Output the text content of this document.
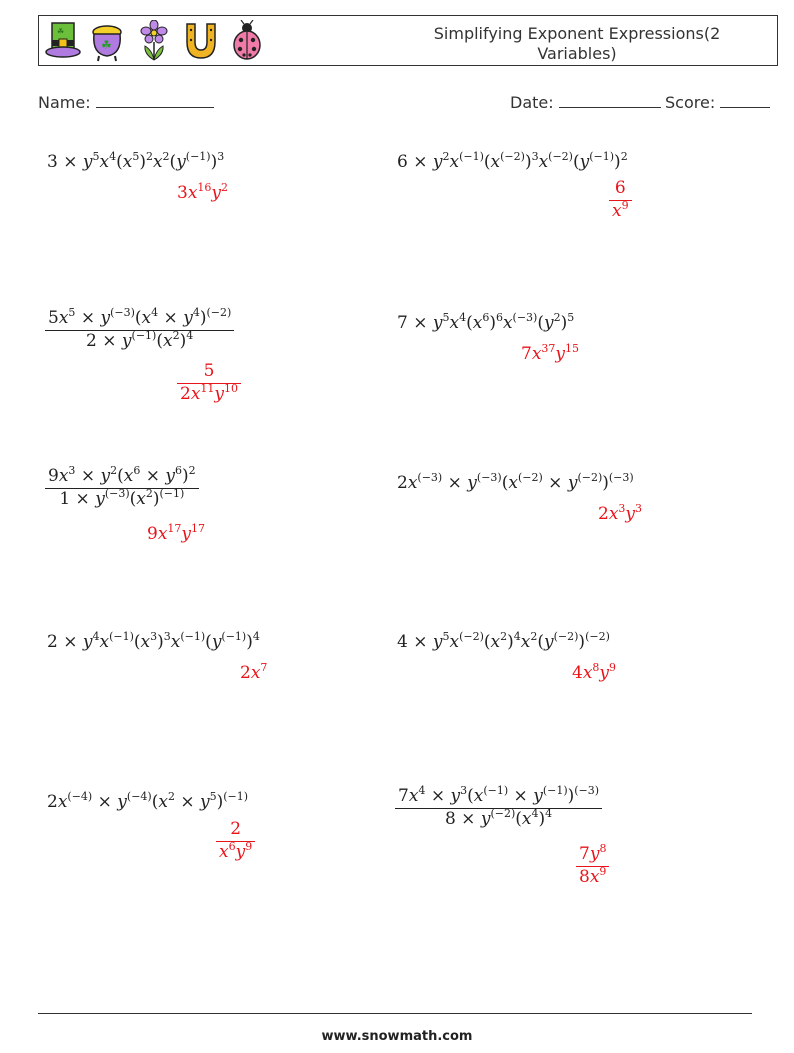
☘
☘
Simplifying Exponent Expressions(2 Variables)
Name:	Date:	Score:
$3 \times y^5x^4(x^5)^2x^2(y^{(-1)})^3$
$3x^{16}y^2$
$6 \times y^2x^{(-1)}(x^{(-2)})^3x^{(-2)}(y^{(-1)})^2$
$\frac{6}{x^9}$
$\frac{5x^5 \times y^{(-3)}(x^4 \times y^4)^{(-2)}}{2 \times y^{(-1)}(x^2)^4}$
$\frac{5}{2x^{11}y^{10}}$
$7 \times y^5x^4(x^6)^6x^{(-3)}(y^2)^5$
$7x^{37}y^{15}$
$\frac{9x^3 \times y^2(x^6 \times y^6)^2}{1 \times y^{(-3)}(x^2)^{(-1)}}$
$9x^{17}y^{17}$
$2x^{(-3)} \times y^{(-3)}(x^{(-2)} \times y^{(-2)})^{(-3)}$
$2x^3y^3$
$2 \times y^4x^{(-1)}(x^3)^3x^{(-1)}(y^{(-1)})^4$
$2x^7$
$4 \times y^5x^{(-2)}(x^2)^4x^2(y^{(-2)})^{(-2)}$
$4x^8y^9$
$2x^{(-4)} \times y^{(-4)}(x^2 \times y^5)^{(-1)}$
$\frac{2}{x^6y^9}$
$\frac{7x^4 \times y^3(x^{(-1)} \times y^{(-1)})^{(-3)}}{8 \times y^{(-2)}(x^4)^4}$
$\frac{7y^8}{8x^9}$
www.snowmath.com
